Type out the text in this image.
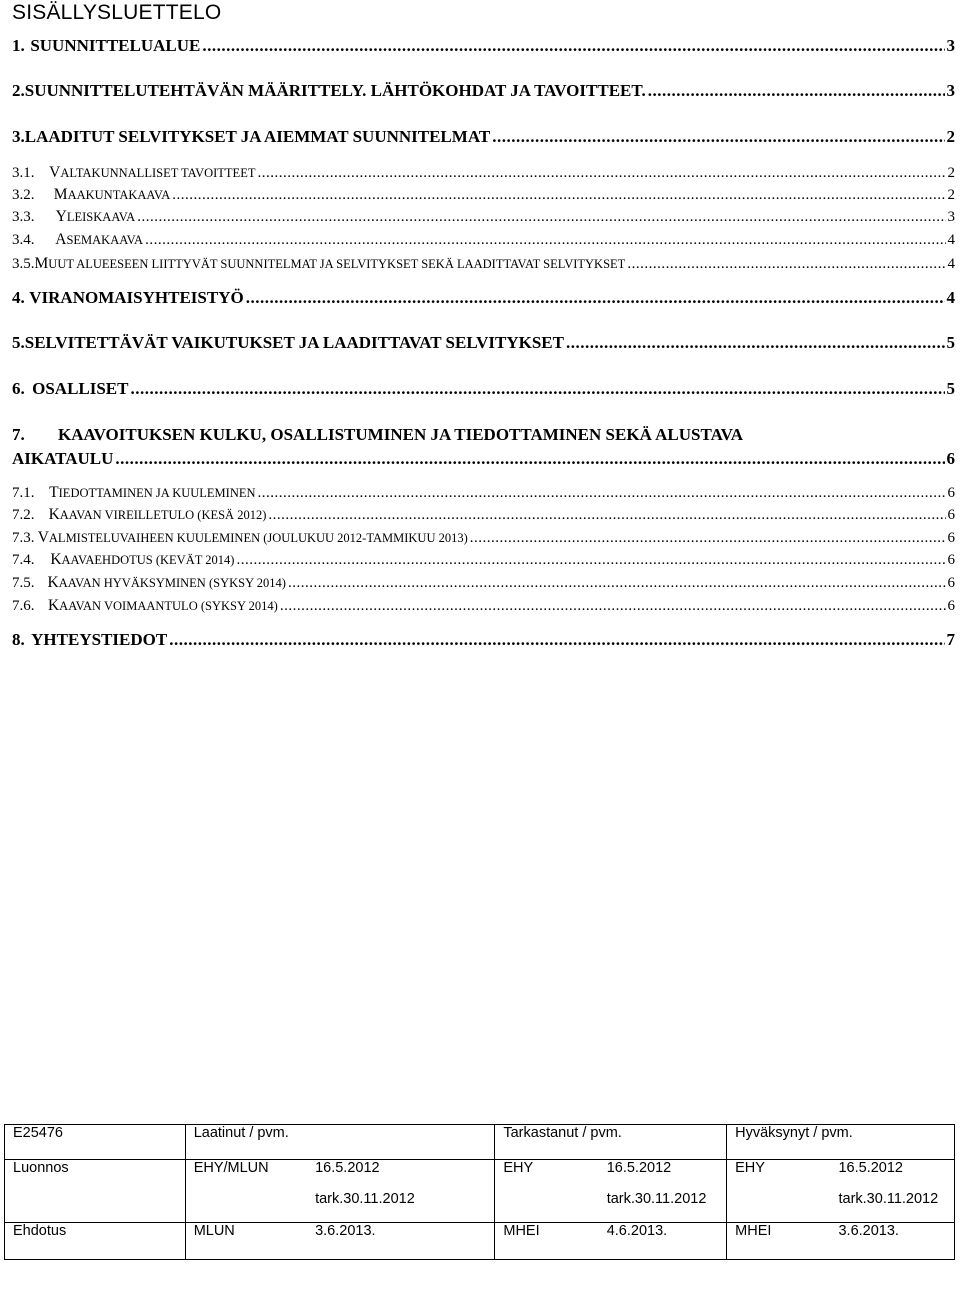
SISÄLLYSLUETTELO
1. SUUNNITTELUALUE .....	3
2. SUUNNITTELUTEHTÄVÄN MÄÄRITTELY. LÄHTÖKOHDAT JA TAVOITTEET. .....	3
3. LAADITUT SELVITYKSET JA AIEMMAT SUUNNITELMAT .....	2
3.1. VALTAKUNNALLISET TAVOITTEET .....	2
3.2.	MAAKUNTAKAAVA .....	2
3.3.	YLEISKAAVA .....	3
3.4.	ASEMAKAAVA .....	4
3.5. MUUT ALUEESEEN LIITTYVÄT SUUNNITELMAT JA SELVITYKSET SEKÄ LAADITTAVAT SELVITYKSET .....	4
4. VIRANOMAISYHTEISTYÖ .....	4
5. SELVITETTÄVÄT VAIKUTUKSET JA LAADITTAVAT SELVITYKSET .....	5
6. OSALLISET .....	5
7. KAAVOITUKSEN KULKU, OSALLISTUMINEN JA TIEDOTTAMINEN SEKÄ ALUSTAVA
AIKATAULU .....	6
7.1. TIEDOTTAMINEN JA KUULEMINEN .....	6
7.2. KAAVAN VIREILLETULO (KESÄ 2012) .....	6
7.3. VALMISTELUVAIHEEN KUULEMINEN (JOULUKUU 2012-TAMMIKUU 2013) .....	6
7.4.	KAAVAEHDOTUS (KEVÄT 2014) .....	6
7.5. KAAVAN HYVÄKSYMINEN (SYKSY 2014) .....	6
7.6. KAAVAN VOIMAANTULO (SYKSY 2014) .....	6
8. YHTEYSTIEDOT .....	7
E25476	Laatinut / pvm.		Tarkastanut / pvm.		Hyväksynyt / pvm.	
Luonnos	EHY/MLUN	16.5.2012	EHY	16.5.2012	EHY	16.5.2012
		tark.30.11.2012		tark.30.11.2012		tark.30.11.2012
Ehdotus	MLUN	3.6.2013.	MHEI	4.6.2013.	MHEI	3.6.2013.
